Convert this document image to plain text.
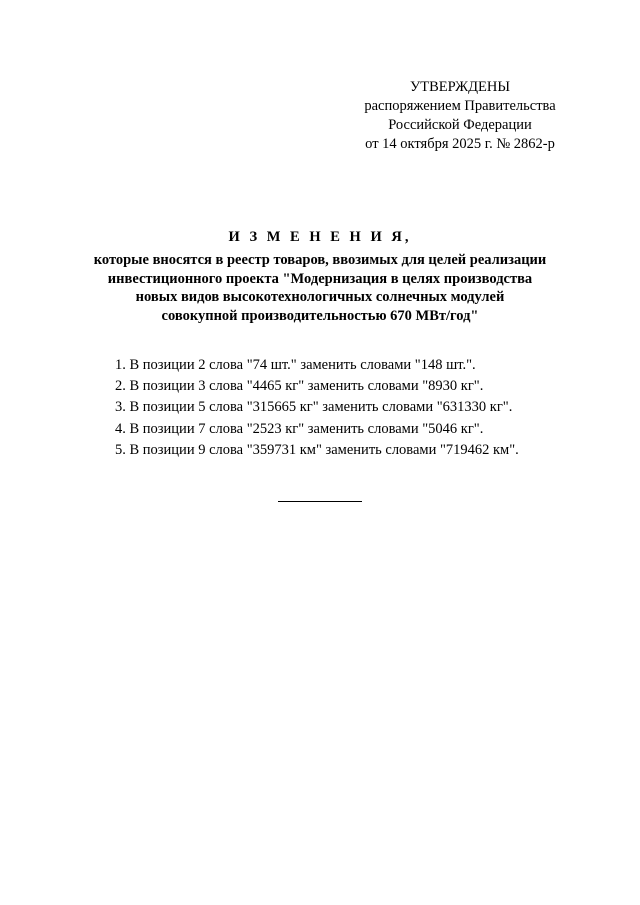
УТВЕРЖДЕНЫ
распоряжением Правительства
Российской Федерации
от 14 октября 2025 г. № 2862-р
И З М Е Н Е Н И Я,
которые вносятся в реестр товаров, ввозимых для целей реализации
инвестиционного проекта "Модернизация в целях производства
новых видов высокотехнологичных солнечных модулей
совокупной производительностью 670 МВт/год"
1. В позиции 2 слова "74 шт." заменить словами "148 шт.".
2. В позиции 3 слова "4465 кг" заменить словами "8930 кг".
3. В позиции 5 слова "315665 кг" заменить словами "631330 кг".
4. В позиции 7 слова "2523 кг" заменить словами "5046 кг".
5. В позиции 9 слова "359731 км" заменить словами "719462 км".
